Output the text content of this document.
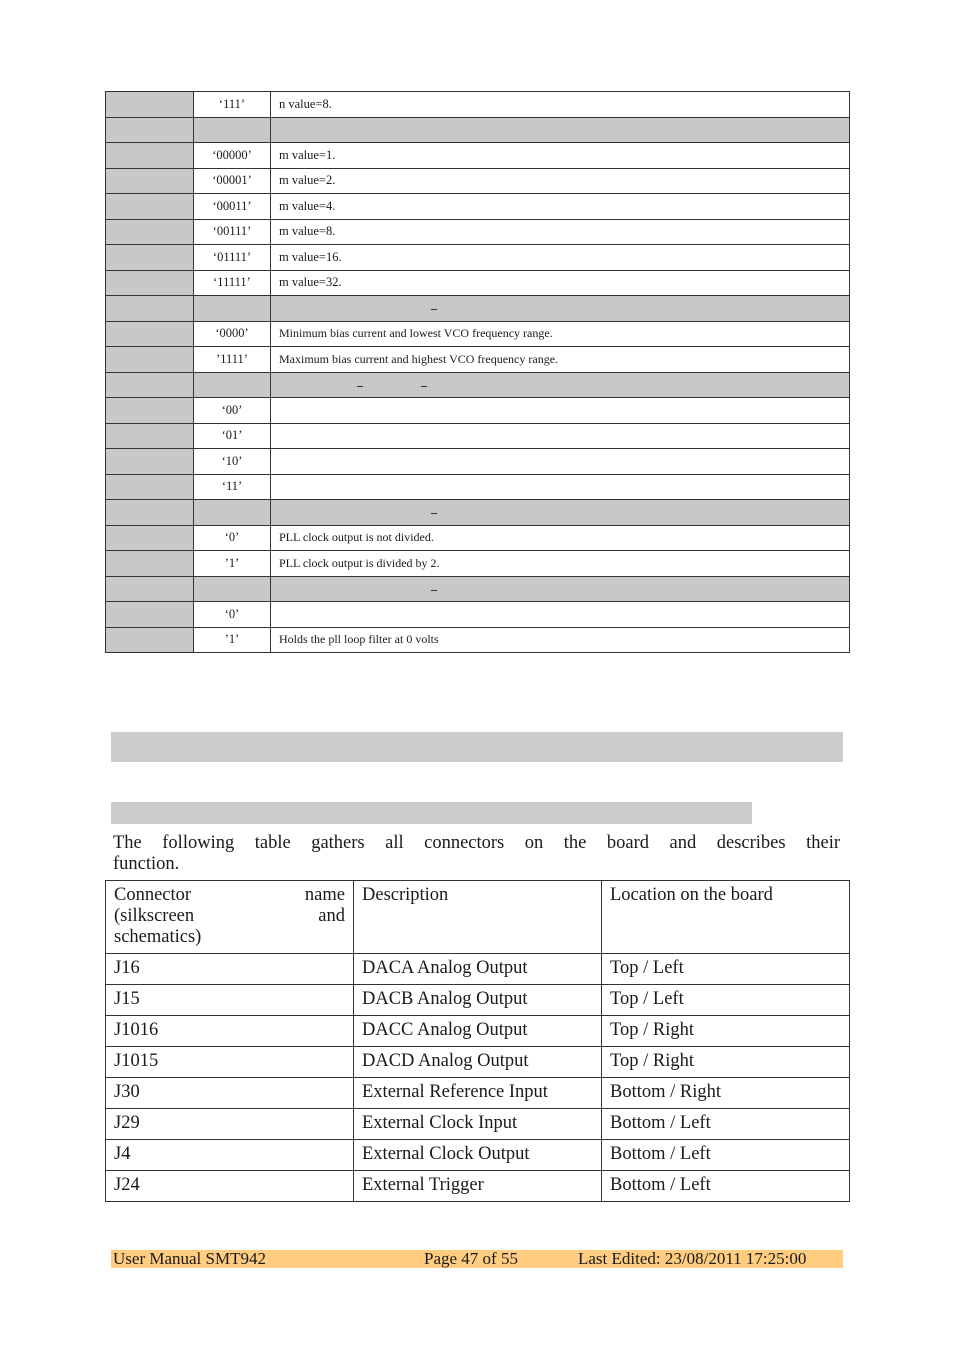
	‘111’	n value=8.

	‘00000’	m value=1.
	‘00001’	m value=2.
	‘00011’	m value=4.
	‘00111’	m value=8.
	‘01111’	m value=16.
	‘11111’	m value=32.

	‘0000’	Minimum bias current and lowest VCO frequency range.
	’1111’	Maximum bias current and highest VCO frequency range.

	‘00’	
	‘01’	
	‘10’	
	‘11’	

	‘0’	PLL clock output is not divided.
	’1’	PLL clock output is divided by 2.

	‘0’	
	’1’	Holds the pll loop filter at 0 volts

The following table gathers all connectors on the board and describes their
function.

Connector name
(silkscreen and
schematics)	Description	Location on the board
J16	DACA Analog Output	Top / Left
J15	DACB Analog Output	Top / Left
J1016	DACC Analog Output	Top / Right
J1015	DACD Analog Output	Top / Right
J30	External Reference Input	Bottom / Right
J29	External Clock Input	Bottom / Left
J4	External Clock Output	Bottom / Left
J24	External Trigger	Bottom / Left
User Manual SMT942	Page 47 of 55	Last Edited: 23/08/2011 17:25:00
